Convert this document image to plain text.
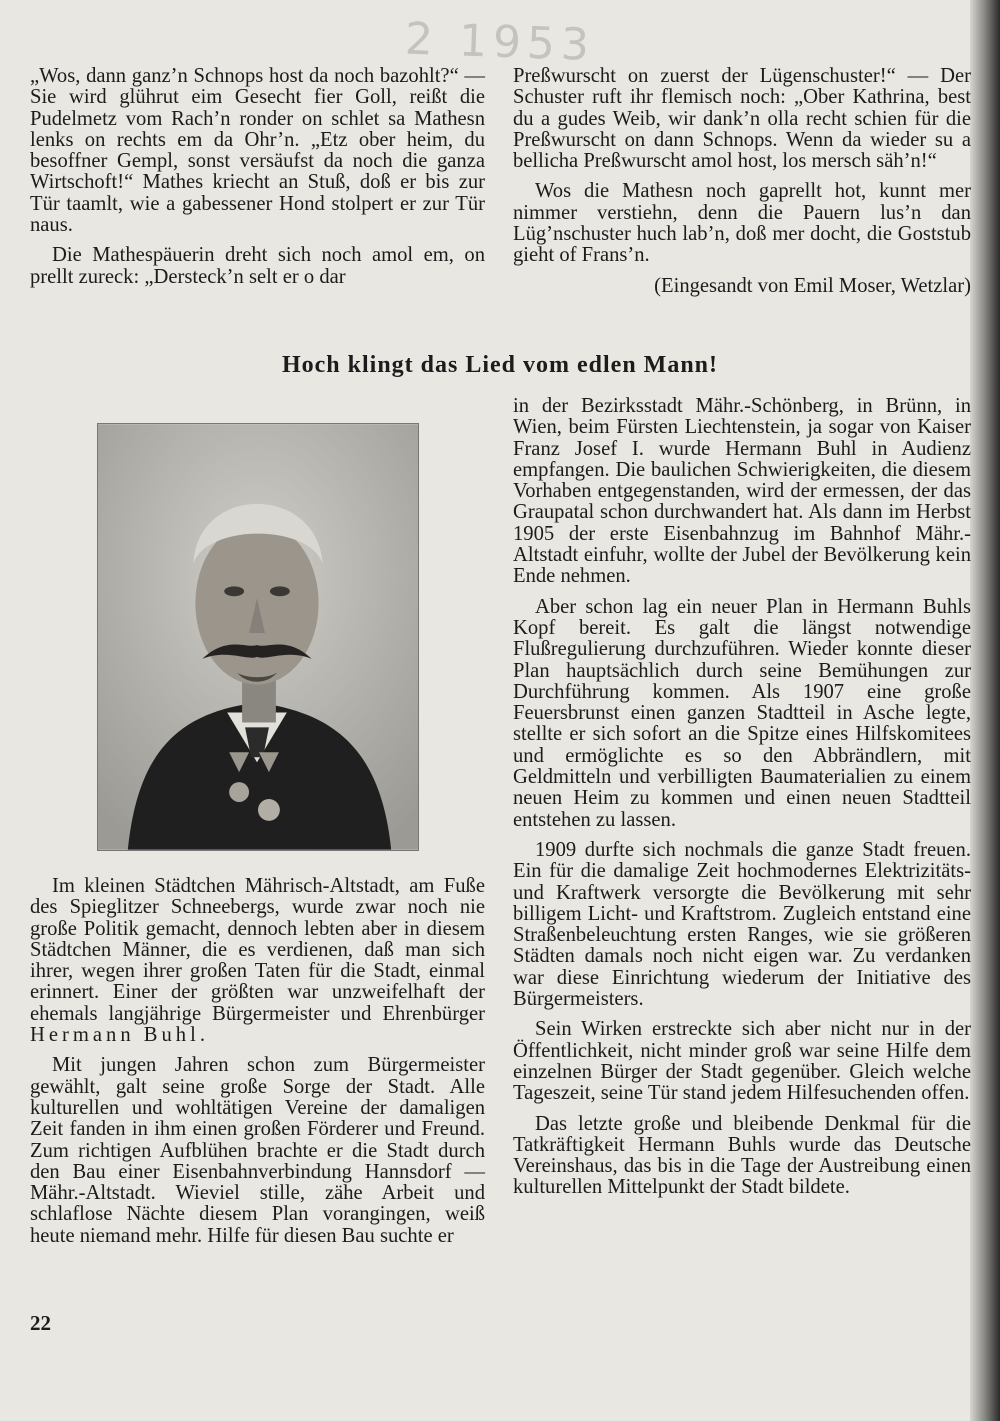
2 1953

„Wos, dann ganz’n Schnops host da noch bazohlt?“ — Sie wird glührut eim Gesecht fier Goll, reißt die Pudelmetz vom Rach’n ronder on schlet sa Mathesn lenks on rechts em da Ohr’n. „Etz ober heim, du besoffner Gempl, sonst versäufst da noch die ganza Wirtschoft!“ Mathes kriecht an Stuß, doß er bis zur Tür taamlt, wie a gabessener Hond stolpert er zur Tür naus.

Die Mathespäuerin dreht sich noch amol em, on prellt zureck: „Dersteck’n selt er o dar

Preßwurscht on zuerst der Lügenschuster!“ — Der Schuster ruft ihr flemisch noch: „Ober Kathrina, best du a gudes Weib, wir dank’n olla recht schien für die Preßwurscht on dann Schnops. Wenn da wieder su a bellicha Preßwurscht amol host, los mersch säh’n!“

Wos die Mathesn noch gaprellt hot, kunnt mer nimmer verstiehn, denn die Pauern lus’n dan Lüg’nschuster huch lab’n, doß mer docht, die Goststub gieht of Frans’n.

(Eingesandt von Emil Moser, Wetzlar)

Hoch klingt das Lied vom edlen Mann!

Im kleinen Städtchen Mährisch-Altstadt, am Fuße des Spieglitzer Schneebergs, wurde zwar noch nie große Politik gemacht, dennoch lebten aber in diesem Städtchen Männer, die es verdienen, daß man sich ihrer, wegen ihrer großen Taten für die Stadt, einmal erinnert. Einer der größten war unzweifelhaft der ehemals langjährige Bürgermeister und Ehrenbürger Hermann Buhl.

Mit jungen Jahren schon zum Bürgermeister gewählt, galt seine große Sorge der Stadt. Alle kulturellen und wohltätigen Vereine der damaligen Zeit fanden in ihm einen großen Förderer und Freund. Zum richtigen Aufblühen brachte er die Stadt durch den Bau einer Eisenbahnverbindung Hannsdorf — Mähr.-Altstadt. Wieviel stille, zähe Arbeit und schlaflose Nächte diesem Plan vorangingen, weiß heute niemand mehr. Hilfe für diesen Bau suchte er

in der Bezirksstadt Mähr.-Schönberg, in Brünn, in Wien, beim Fürsten Liechtenstein, ja sogar von Kaiser Franz Josef I. wurde Hermann Buhl in Audienz empfangen. Die baulichen Schwierigkeiten, die diesem Vorhaben entgegenstanden, wird der ermessen, der das Graupatal schon durchwandert hat. Als dann im Herbst 1905 der erste Eisenbahnzug im Bahnhof Mähr.-Altstadt einfuhr, wollte der Jubel der Bevölkerung kein Ende nehmen.

Aber schon lag ein neuer Plan in Hermann Buhls Kopf bereit. Es galt die längst notwendige Flußregulierung durchzuführen. Wieder konnte dieser Plan hauptsächlich durch seine Bemühungen zur Durchführung kommen. Als 1907 eine große Feuersbrunst einen ganzen Stadtteil in Asche legte, stellte er sich sofort an die Spitze eines Hilfskomitees und ermöglichte es so den Abbrändlern, mit Geldmitteln und verbilligten Baumaterialien zu einem neuen Heim zu kommen und einen neuen Stadtteil entstehen zu lassen.

1909 durfte sich nochmals die ganze Stadt freuen. Ein für die damalige Zeit hochmodernes Elektrizitäts- und Kraftwerk versorgte die Bevölkerung mit sehr billigem Licht- und Kraftstrom. Zugleich entstand eine Straßenbeleuchtung ersten Ranges, wie sie größeren Städten damals noch nicht eigen war. Zu verdanken war diese Einrichtung wiederum der Initiative des Bürgermeisters.

Sein Wirken erstreckte sich aber nicht nur in der Öffentlichkeit, nicht minder groß war seine Hilfe dem einzelnen Bürger der Stadt gegenüber. Gleich welche Tageszeit, seine Tür stand jedem Hilfesuchenden offen.

Das letzte große und bleibende Denkmal für die Tatkräftigkeit Hermann Buhls wurde das Deutsche Vereinshaus, das bis in die Tage der Austreibung einen kulturellen Mittelpunkt der Stadt bildete.

22
